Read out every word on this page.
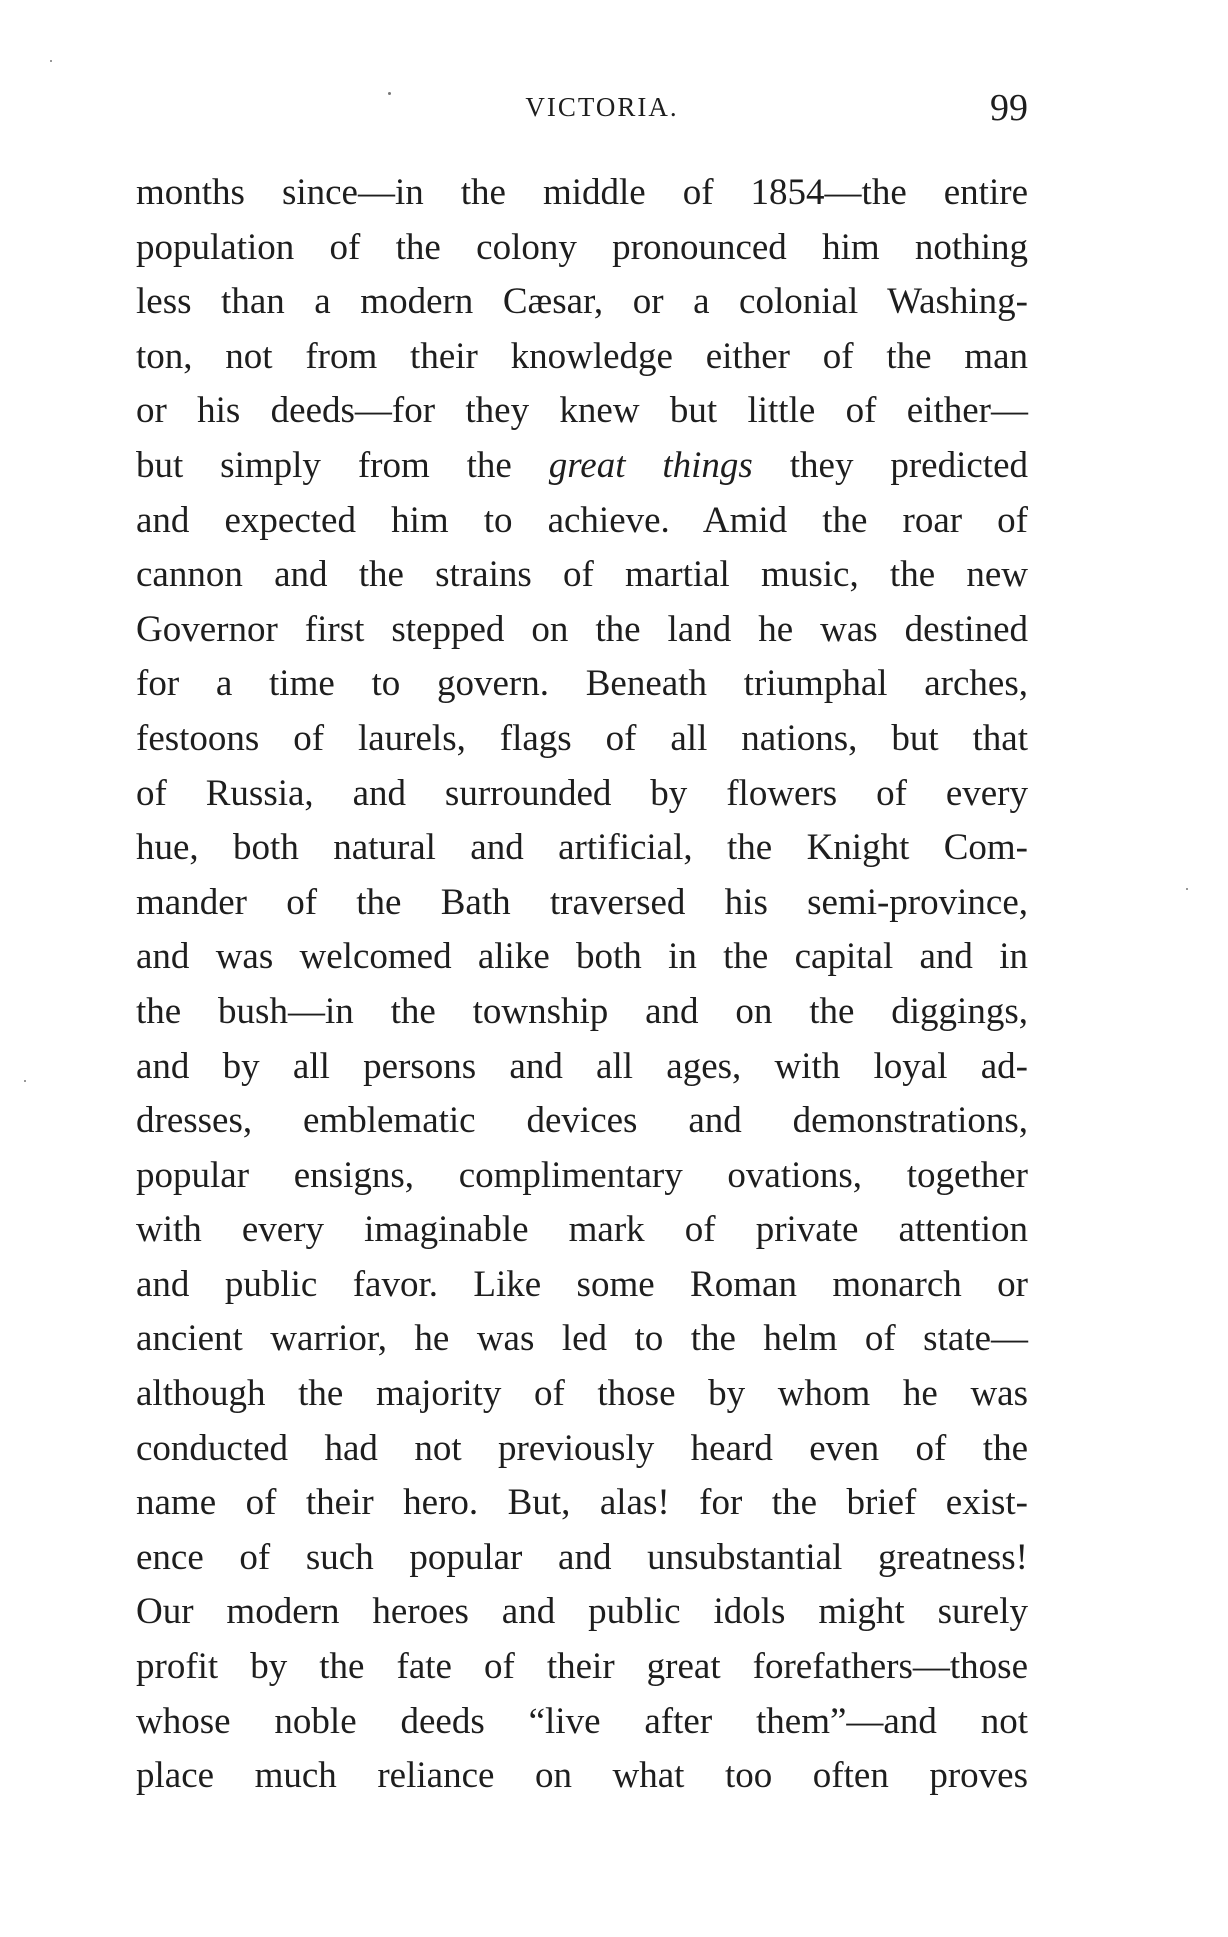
VICTORIA.	99
months since—in the middle of 1854—the entire
population of the colony pronounced him nothing
less than a modern Cæsar, or a colonial Washing-
ton, not from their knowledge either of the man
or his deeds—for they knew but little of either—
but simply from the great things they predicted
and expected him to achieve. Amid the roar of
cannon and the strains of martial music, the new
Governor first stepped on the land he was destined
for a time to govern. Beneath triumphal arches,
festoons of laurels, flags of all nations, but that
of Russia, and surrounded by flowers of every
hue, both natural and artificial, the Knight Com-
mander of the Bath traversed his semi-province,
and was welcomed alike both in the capital and in
the bush—in the township and on the diggings,
and by all persons and all ages, with loyal ad-
dresses, emblematic devices and demonstrations,
popular ensigns, complimentary ovations, together
with every imaginable mark of private attention
and public favor. Like some Roman monarch or
ancient warrior, he was led to the helm of state—
although the majority of those by whom he was
conducted had not previously heard even of the
name of their hero. But, alas! for the brief exist-
ence of such popular and unsubstantial greatness!
Our modern heroes and public idols might surely
profit by the fate of their great forefathers—those
whose noble deeds “live after them”—and not
place much reliance on what too often proves
